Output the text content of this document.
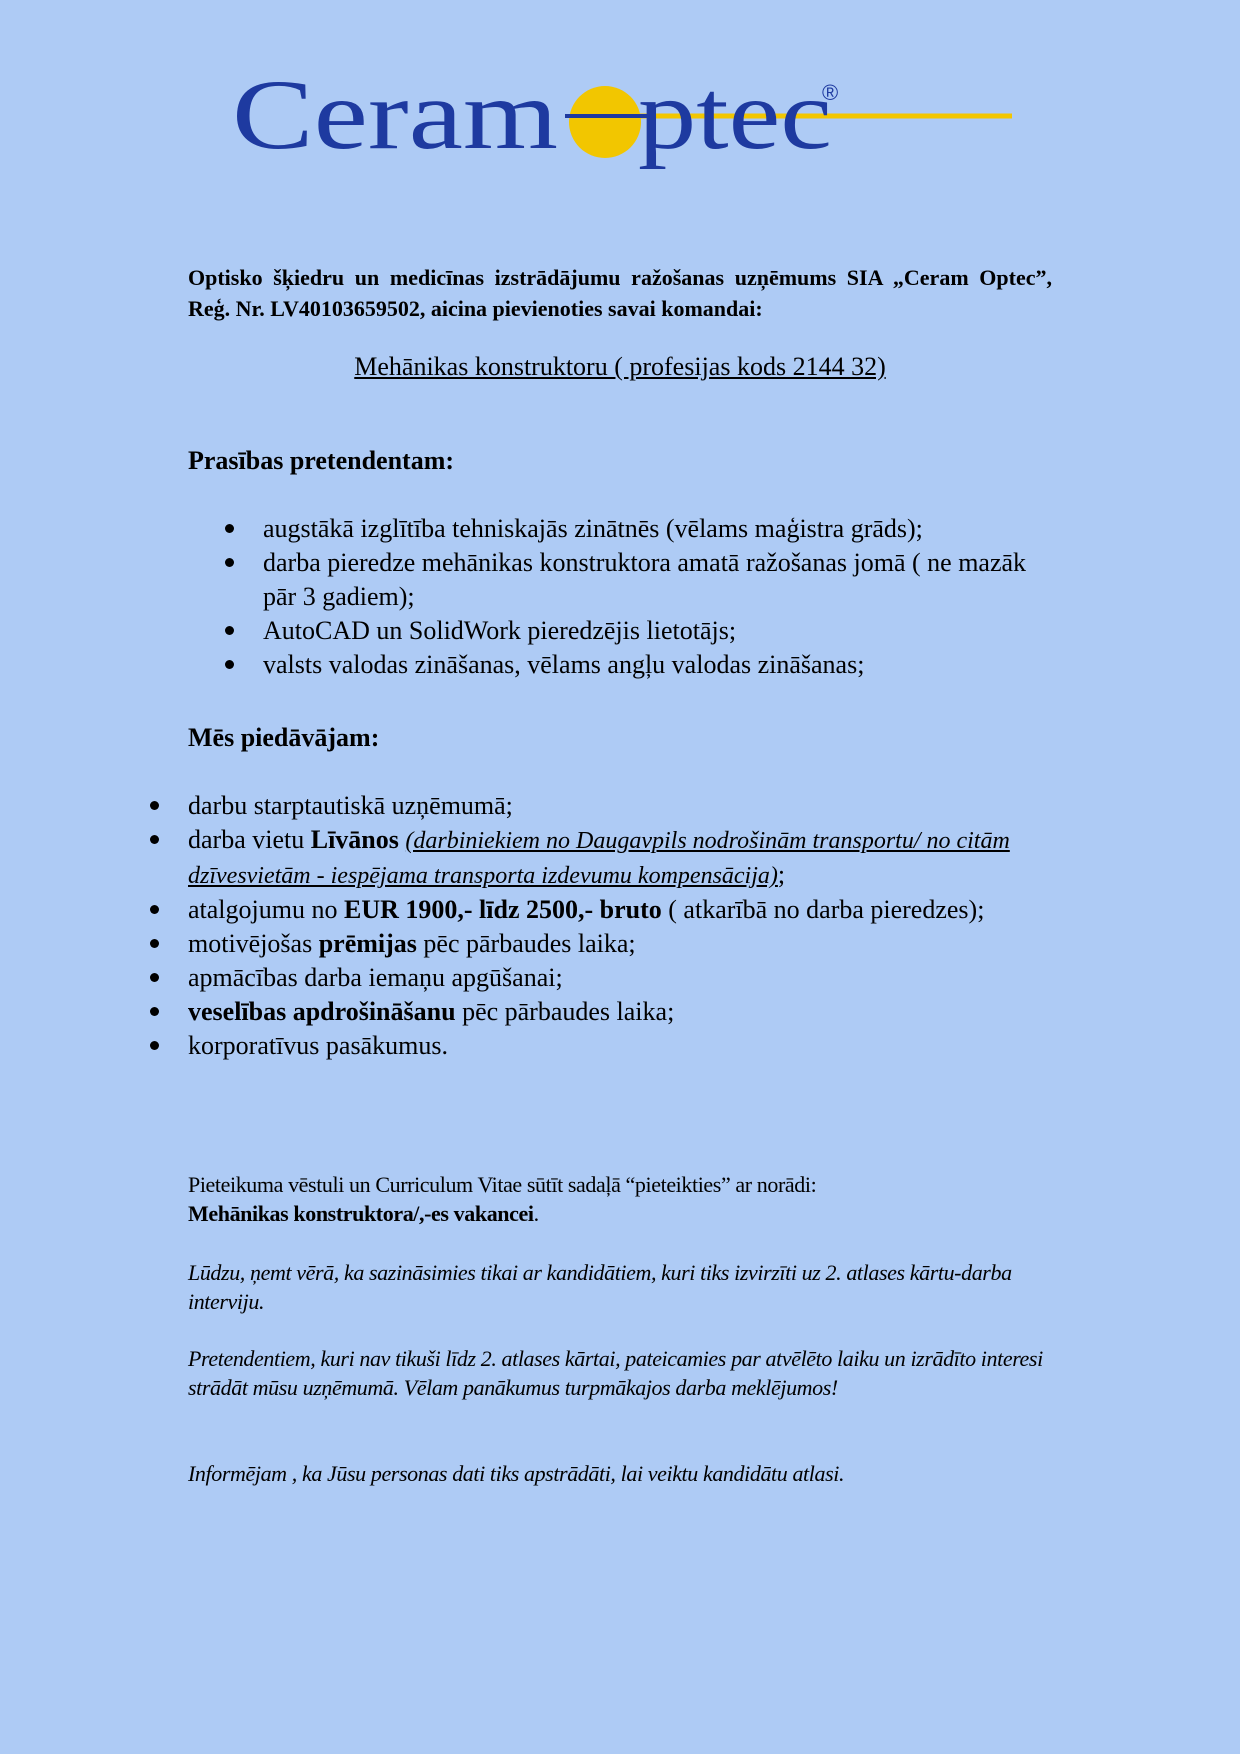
Ceram ptec
®
Optisko šķiedru un medicīnas izstrādājumu ražošanas uzņēmums SIA „Ceram Optec”, Reģ. Nr. LV40103659502, aicina pievienoties savai komandai:
Mehānikas konstruktoru ( profesijas kods 2144 32)
Prasības pretendentam:
augstākā izglītība tehniskajās zinātnēs (vēlams maģistra grāds);
darba pieredze mehānikas konstruktora amatā ražošanas jomā ( ne mazāk pār 3 gadiem);
AutoCAD un SolidWork pieredzējis lietotājs;
valsts valodas zināšanas, vēlams angļu valodas zināšanas;
Mēs piedāvājam:
darbu starptautiskā uzņēmumā;
darba vietu Līvānos (darbiniekiem no Daugavpils nodrošinām transportu/ no citām dzīvesvietām - iespējama transporta izdevumu kompensācija);
atalgojumu no EUR 1900,- līdz 2500,- bruto ( atkarībā no darba pieredzes);
motivējošas prēmijas pēc pārbaudes laika;
apmācības darba iemaņu apgūšanai;
veselības apdrošināšanu pēc pārbaudes laika;
korporatīvus pasākumus.
Pieteikuma vēstuli un Curriculum Vitae sūtīt sadaļā “pieteikties” ar norādi:
Mehānikas konstruktora/,-es vakancei.
Lūdzu, ņemt vērā, ka sazināsimies tikai ar kandidātiem, kuri tiks izvirzīti uz 2. atlases kārtu-darba interviju.
Pretendentiem, kuri nav tikuši līdz 2. atlases kārtai, pateicamies par atvēlēto laiku un izrādīto interesi strādāt mūsu uzņēmumā. Vēlam panākumus turpmākajos darba meklējumos!
Informējam , ka Jūsu personas dati tiks apstrādāti, lai veiktu kandidātu atlasi.
